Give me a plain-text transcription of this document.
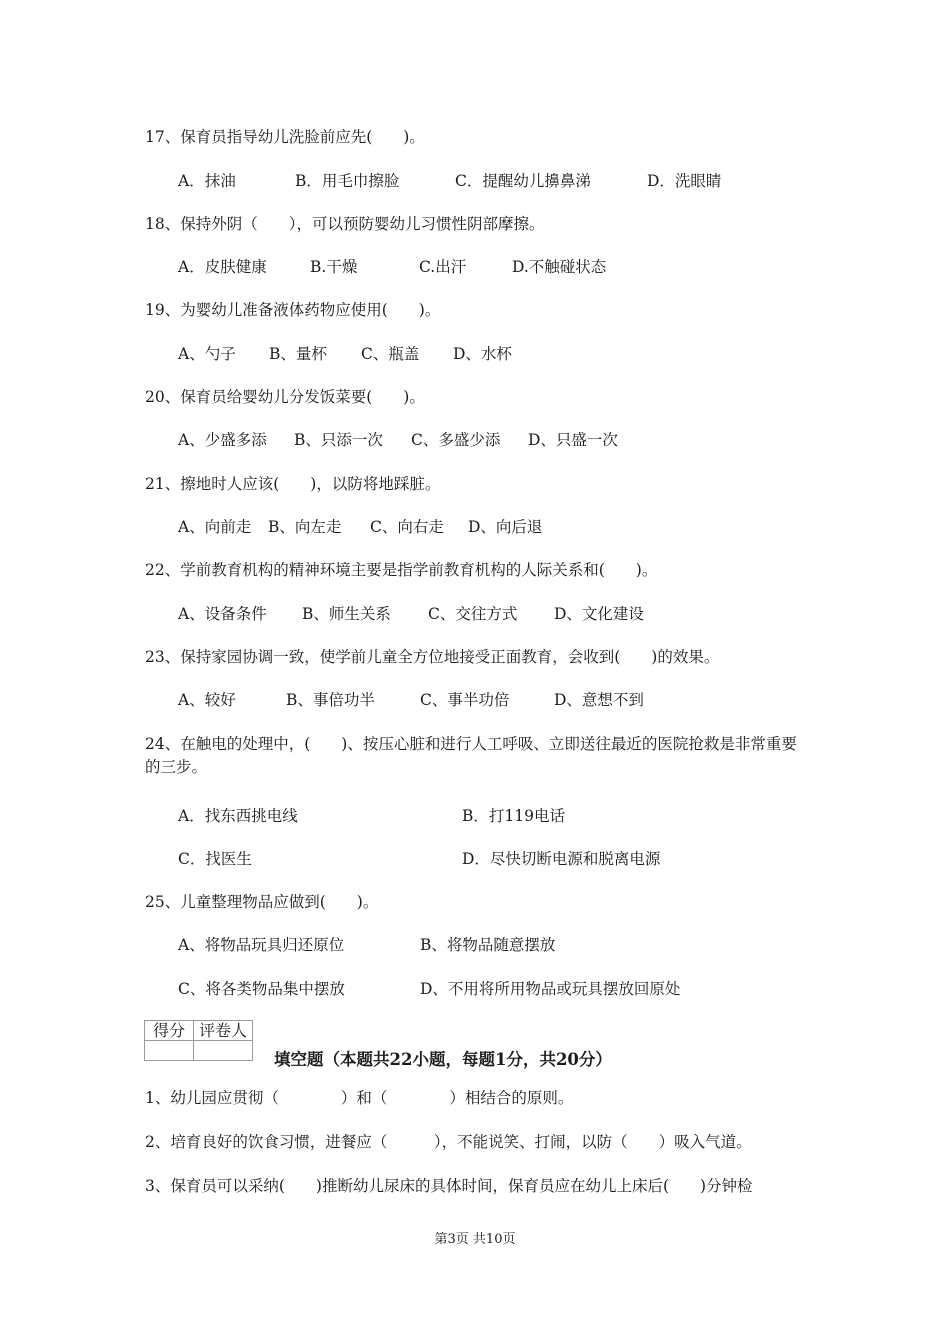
17、保育员指导幼儿洗脸前应先(　　)。
A．抹油	B．用毛巾擦脸	C．提醒幼儿擤鼻涕	D．洗眼睛
18、保持外阴（　　），可以预防婴幼儿习惯性阴部摩擦。
A．皮肤健康	B.干燥	C.出汗	D.不触碰状态
19、为婴幼儿准备液体药物应使用(　　)。
A、勺子 B、量杯 C、瓶盖 D、水杯
20、保育员给婴幼儿分发饭菜要(　　)。
A、少盛多添 B、只添一次 C、多盛少添 D、只盛一次
21、擦地时人应该(　　)，以防将地踩脏。
A、向前走 B、向左走 C、向右走 D、向后退
22、学前教育机构的精神环境主要是指学前教育机构的人际关系和(　　)。
A、设备条件 B、师生关系 C、交往方式 D、文化建设
23、保持家园协调一致，使学前儿童全方位地接受正面教育，会收到(　　)的效果。
A、较好	B、事倍功半	C、事半功倍	D、意想不到
24、在触电的处理中，(　　)、按压心脏和进行人工呼吸、立即送往最近的医院抢救是非常重要的三步。
A．找东西挑电线	B．打119电话
C．找医生	D．尽快切断电源和脱离电源
25、儿童整理物品应做到(　　)。
A、将物品玩具归还原位	B、将物品随意摆放
C、将各类物品集中摆放	D、不用将所用物品或玩具摆放回原处
得分	评卷人

填空题（本题共22小题，每题1分，共20分）
1、幼儿园应贯彻（　　　　）和（　　　　）相结合的原则。
2、培育良好的饮食习惯，进餐应（　　　），不能说笑、打闹，以防（　　）吸入气道。
3、保育员可以采纳(　　)推断幼儿尿床的具体时间，保育员应在幼儿上床后(　　)分钟检
第3页 共10页
